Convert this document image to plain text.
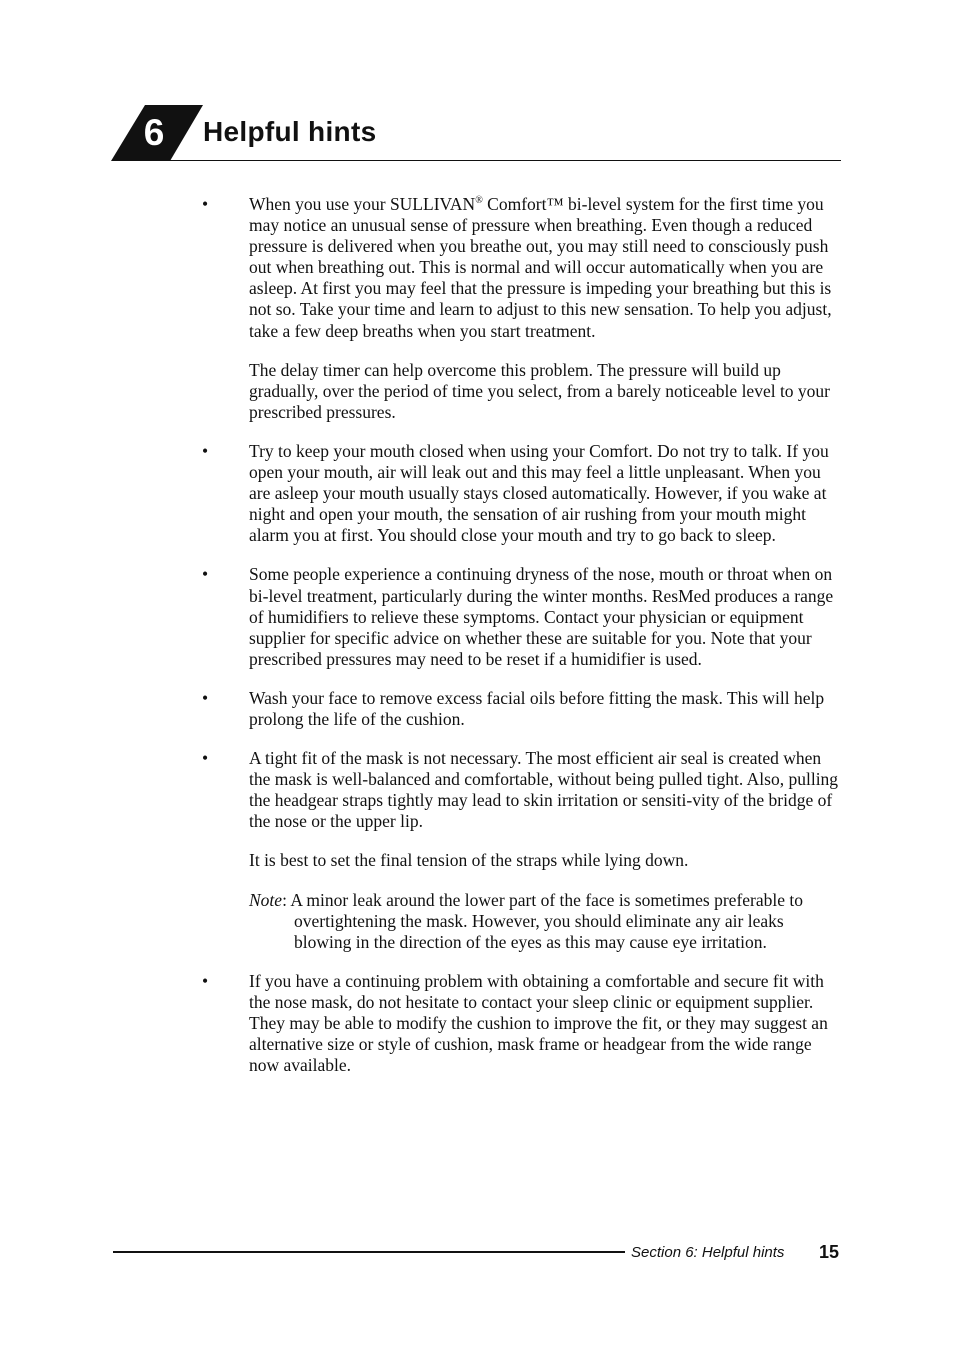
6	Helpful hints
• When you use your SULLIVAN® Comfort™ bi-level system for the first time you may notice an unusual sense of pressure when breathing. Even though a reduced pressure is delivered when you breathe out, you may still need to consciously push out when breathing out. This is normal and will occur automatically when you are asleep. At first you may feel that the pressure is impeding your breathing but this is not so. Take your time and learn to adjust to this new sensation. To help you adjust, take a few deep breaths when you start treatment.

The delay timer can help overcome this problem. The pressure will build up gradually, over the period of time you select, from a barely noticeable level to your prescribed pressures.

• Try to keep your mouth closed when using your Comfort. Do not try to talk. If you open your mouth, air will leak out and this may feel a little unpleasant. When you are asleep your mouth usually stays closed automatically. However, if you wake at night and open your mouth, the sensation of air rushing from your mouth might alarm you at first. You should close your mouth and try to go back to sleep.

• Some people experience a continuing dryness of the nose, mouth or throat when on bi-level treatment, particularly during the winter months. ResMed produces a range of humidifiers to relieve these symptoms. Contact your physician or equipment supplier for specific advice on whether these are suitable for you. Note that your prescribed pressures may need to be reset if a humidifier is used.

• Wash your face to remove excess facial oils before fitting the mask. This will help prolong the life of the cushion.

• A tight fit of the mask is not necessary. The most efficient air seal is created when the mask is well-balanced and comfortable, without being pulled tight. Also, pulling the headgear straps tightly may lead to skin irritation or sensiti-vity of the bridge of the nose or the upper lip.

It is best to set the final tension of the straps while lying down.

Note: A minor leak around the lower part of the face is sometimes preferable to overtightening the mask. However, you should eliminate any air leaks blowing in the direction of the eyes as this may cause eye irritation.

• If you have a continuing problem with obtaining a comfortable and secure fit with the nose mask, do not hesitate to contact your sleep clinic or equipment supplier. They may be able to modify the cushion to improve the fit, or they may suggest an alternative size or style of cushion, mask frame or headgear from the wide range now available.

Section 6: Helpful hints 15
